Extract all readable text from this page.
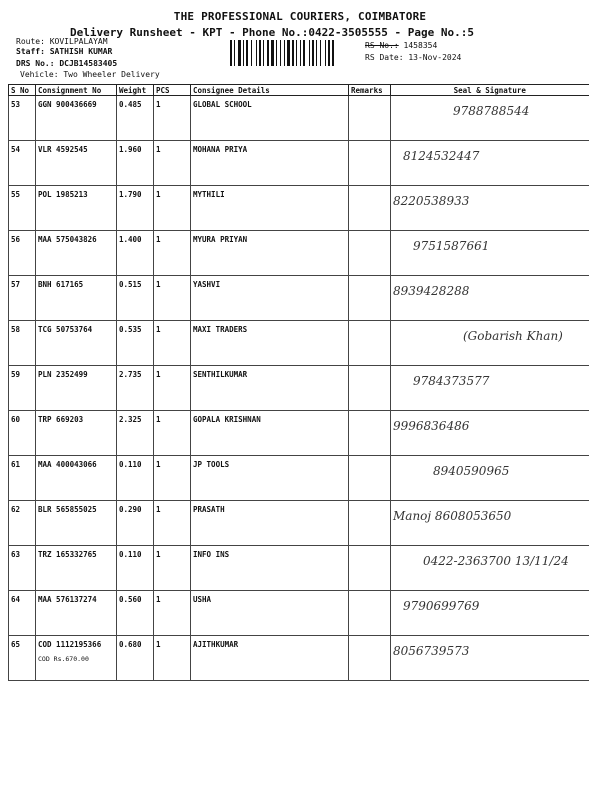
THE PROFESSIONAL COURIERS, COIMBATORE
Delivery Runsheet - KPT - Phone No.:0422-3505555 - Page No.:5
Route: KOVILPALAYAM
Staff: SATHISH KUMAR
DRS No.: DCJB14583405
Vehicle: Two Wheeler Delivery
RS No.: 1458354
RS Date: 13-Nov-2024
S No	Consignment No	Weight	PCS	Consignee Details	Remarks	Seal & Signature
53	GGN 900436669	0.485	1	GLOBAL SCHOOL		9788788544

54	VLR 4592545	1.960	1	MOHANA PRIYA		8124532447

55	POL 1985213	1.790	1	MYTHILI		8220538933

56	MAA 575043826	1.400	1	MYURA PRIYAN		9751587661

57	BNH 617165	0.515	1	YASHVI		8939428288

58	TCG 50753764	0.535	1	MAXI TRADERS		(Gobarish Khan)

59	PLN 2352499	2.735	1	SENTHILKUMAR		9784373577

60	TRP 669203	2.325	1	GOPALA KRISHNAN		9996836486

61	MAA 400043066	0.110	1	JP TOOLS		8940590965

62	BLR 565855025	0.290	1	PRASATH		Manoj 8608053650

63	TRZ 165332765	0.110	1	INFO INS		0422-2363700 13/11/24

64	MAA 576137274	0.560	1	USHA		9790699769

65	COD 1112195366
COD Rs.670.00	0.680	1	AJITHKUMAR		8056739573
